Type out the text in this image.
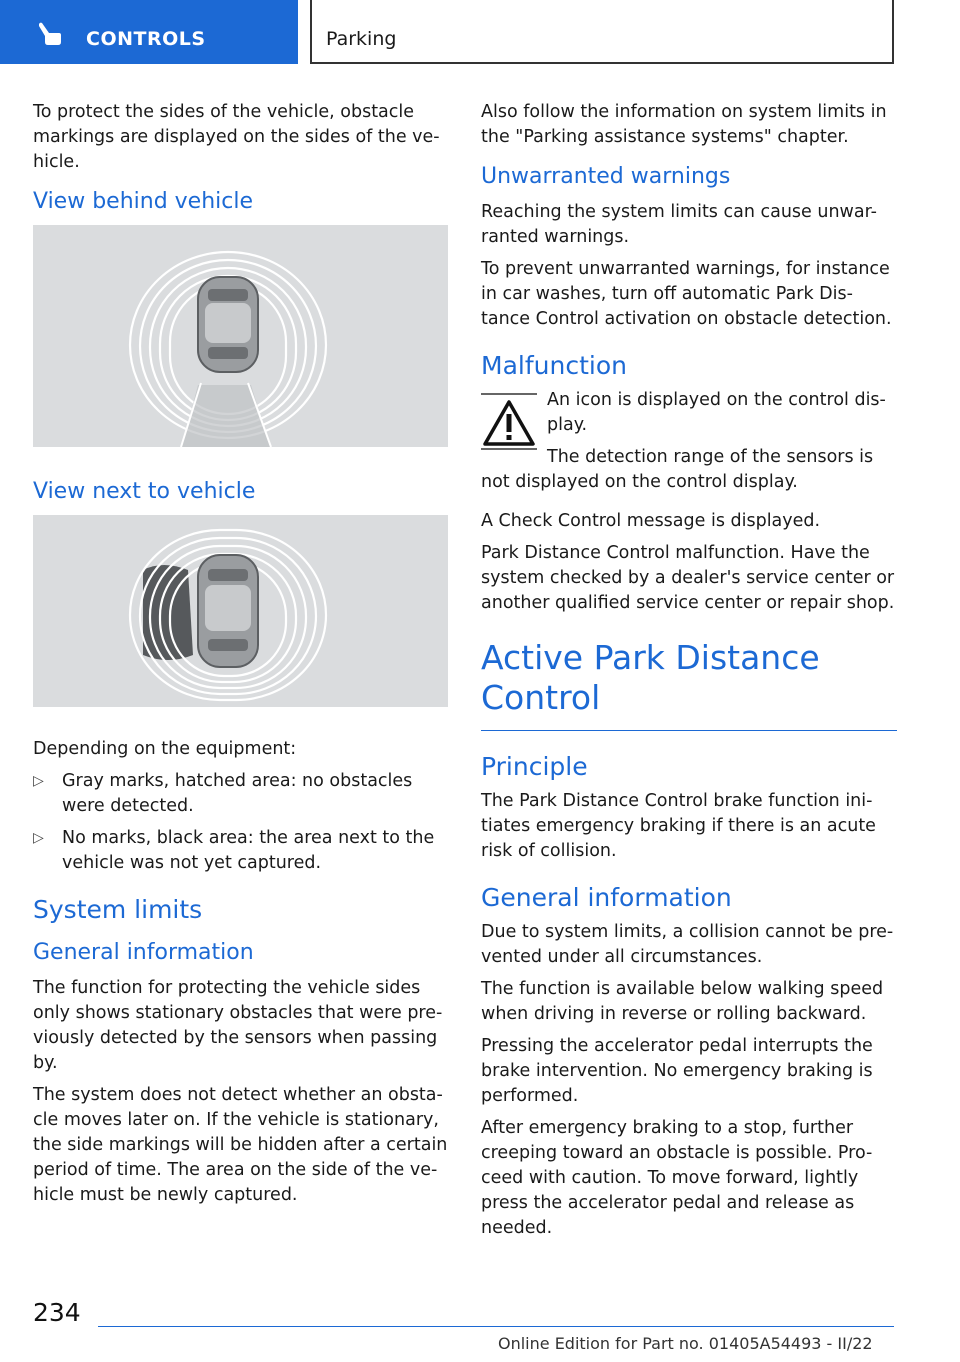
CONTROLS	Parking

To protect the sides of the vehicle, obstacle markings are displayed on the sides of the ve-hicle.

View behind vehicle
View next to vehicle

Depending on the equipment:

▷ Gray marks, hatched area: no obstacles were detected.
▷ No marks, black area: the area next to the vehicle was not yet captured.
System limits
General information

The function for protecting the vehicle sides only shows stationary obstacles that were pre-viously detected by the sensors when passing by.

The system does not detect whether an obsta-cle moves later on. If the vehicle is stationary, the side markings will be hidden after a certain period of time. The area on the side of the ve-hicle must be newly captured.

Also follow the information on system limits in the "Parking assistance systems" chapter.

Unwarranted warnings

Reaching the system limits can cause unwar-ranted warnings.

To prevent unwarranted warnings, for instance in car washes, turn off automatic Park Dis-tance Control activation on obstacle detection.

Malfunction

An icon is displayed on the control dis-play.

The detection range of the sensors is not displayed on the control display.

A Check Control message is displayed.

Park Distance Control malfunction. Have the system checked by a dealer's service center or another qualified service center or repair shop.

Active Park Distance Control
Principle

The Park Distance Control brake function ini-tiates emergency braking if there is an acute risk of collision.

General information

Due to system limits, a collision cannot be pre-vented under all circumstances.

The function is available below walking speed when driving in reverse or rolling backward.

Pressing the accelerator pedal interrupts the brake intervention. No emergency braking is performed.

After emergency braking to a stop, further creeping toward an obstacle is possible. Pro-ceed with caution. To move forward, lightly press the accelerator pedal and release as needed.

234
Online Edition for Part no. 01405A54493 - II/22
